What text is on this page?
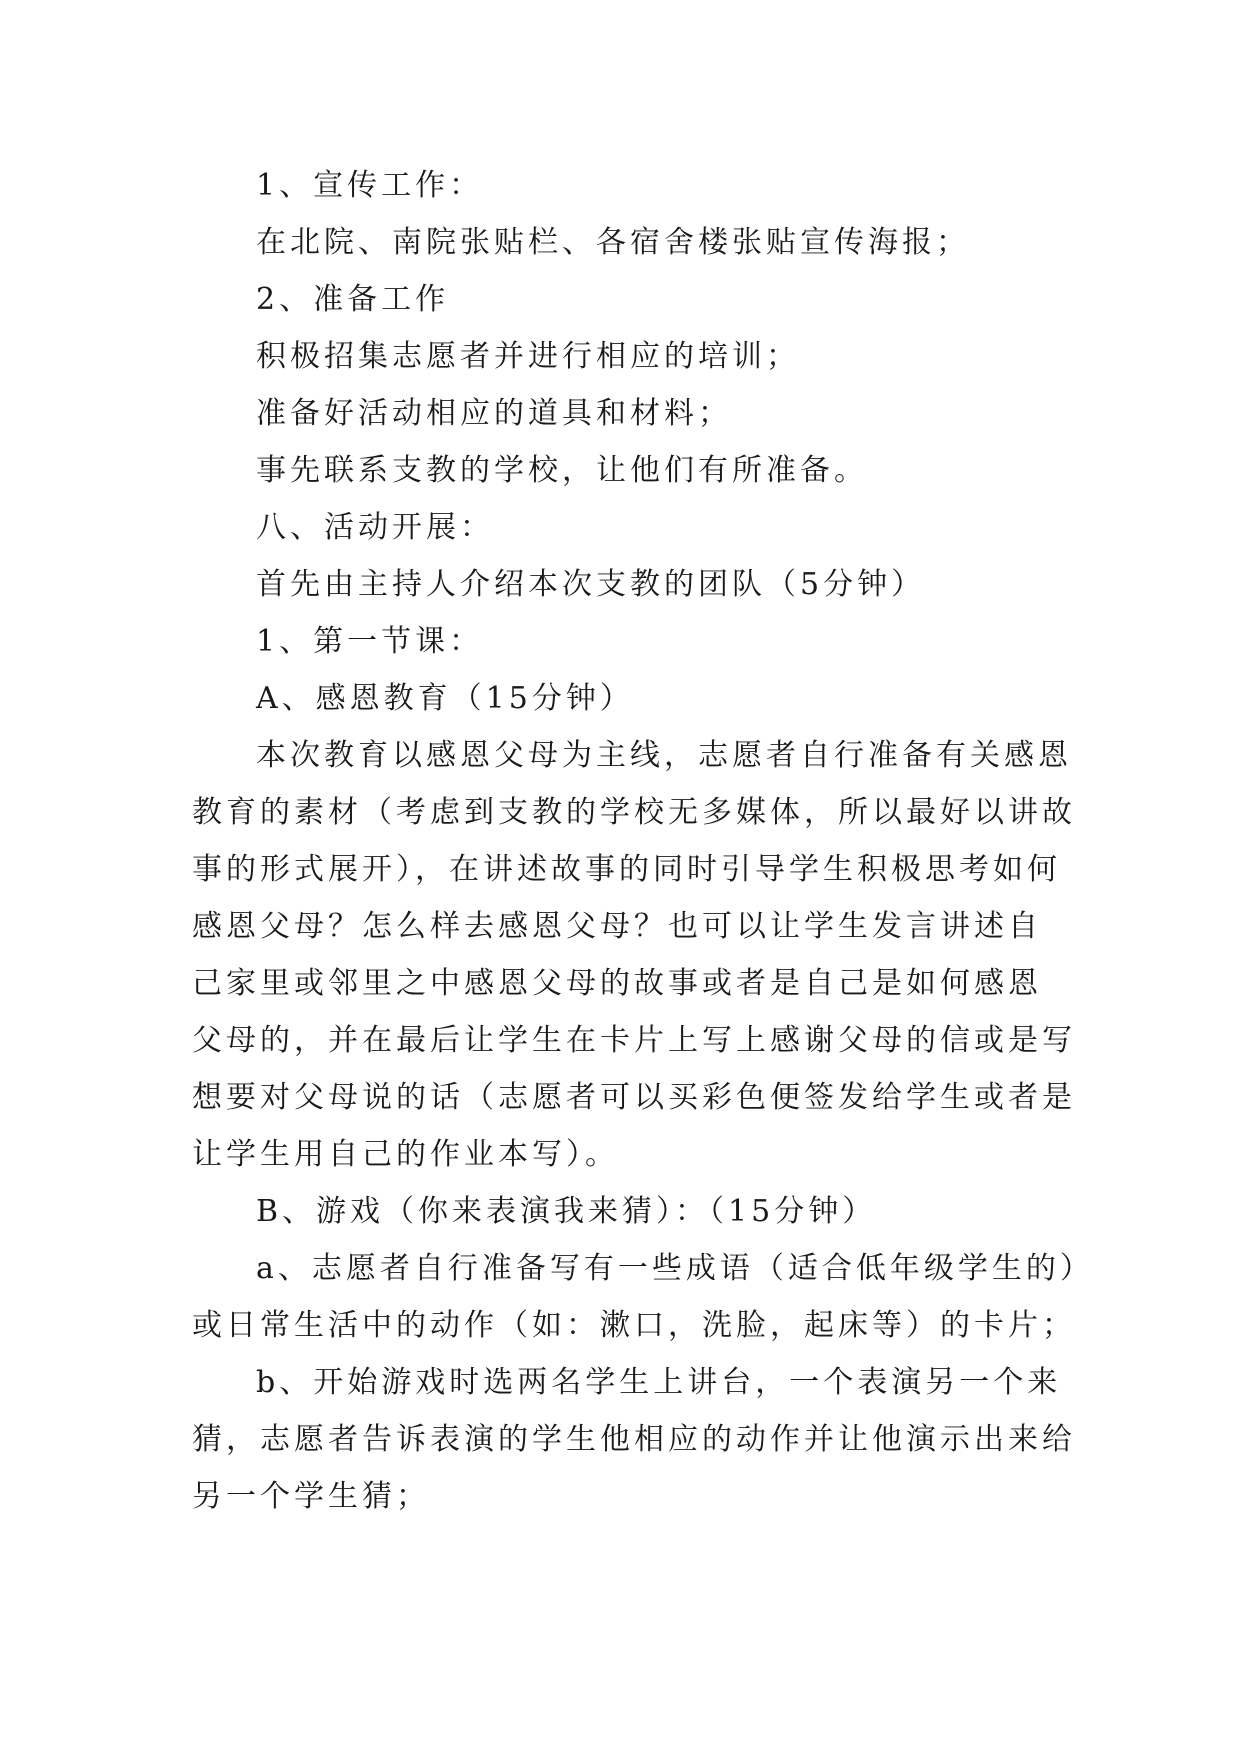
1、宣传工作：
在北院、南院张贴栏、各宿舍楼张贴宣传海报；
2、准备工作
积极招集志愿者并进行相应的培训；
准备好活动相应的道具和材料；
事先联系支教的学校，让他们有所准备。
八、活动开展：
首先由主持人介绍本次支教的团队（5分钟）
1、第一节课：
A、感恩教育（15分钟）
本次教育以感恩父母为主线，志愿者自行准备有关感恩
教育的素材（考虑到支教的学校无多媒体，所以最好以讲故
事的形式展开），在讲述故事的同时引导学生积极思考如何
感恩父母？怎么样去感恩父母？也可以让学生发言讲述自
己家里或邻里之中感恩父母的故事或者是自己是如何感恩
父母的，并在最后让学生在卡片上写上感谢父母的信或是写
想要对父母说的话（志愿者可以买彩色便签发给学生或者是
让学生用自己的作业本写）。
B、游戏（你来表演我来猜）：（15分钟）
a、志愿者自行准备写有一些成语（适合低年级学生的）
或日常生活中的动作（如：漱口，洗脸，起床等）的卡片；
b、开始游戏时选两名学生上讲台，一个表演另一个来
猜，志愿者告诉表演的学生他相应的动作并让他演示出来给
另一个学生猜；
